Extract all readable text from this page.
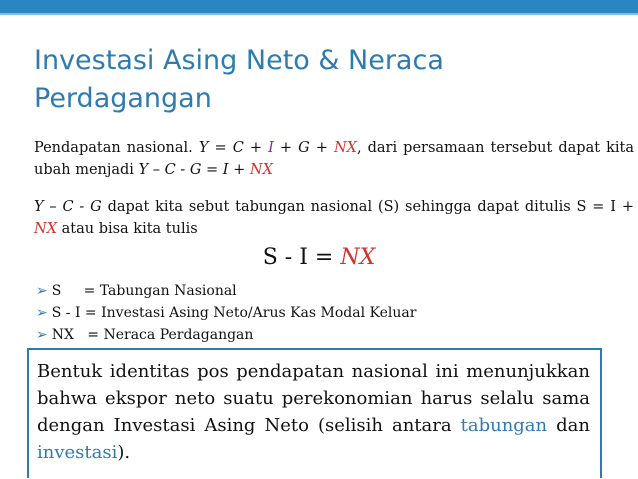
Investasi Asing Neto & Neraca Perdagangan

Pendapatan nasional. Y = C + I + G + NX, dari persamaan tersebut dapat kita ubah menjadi Y – C - G = I + NX

Y – C - G dapat kita sebut tabungan nasional (S) sehingga dapat ditulis S = I + NX atau bisa kita tulis

S - I = NX
➢ S     = Tabungan Nasional
➢ S - I = Investasi Asing Neto/Arus Kas Modal Keluar
➢ NX   = Neraca Perdagangan
Bentuk identitas pos pendapatan nasional ini menunjukkan bahwa ekspor neto suatu perekonomian harus selalu sama dengan Investasi Asing Neto (selisih antara tabungan dan investasi).
